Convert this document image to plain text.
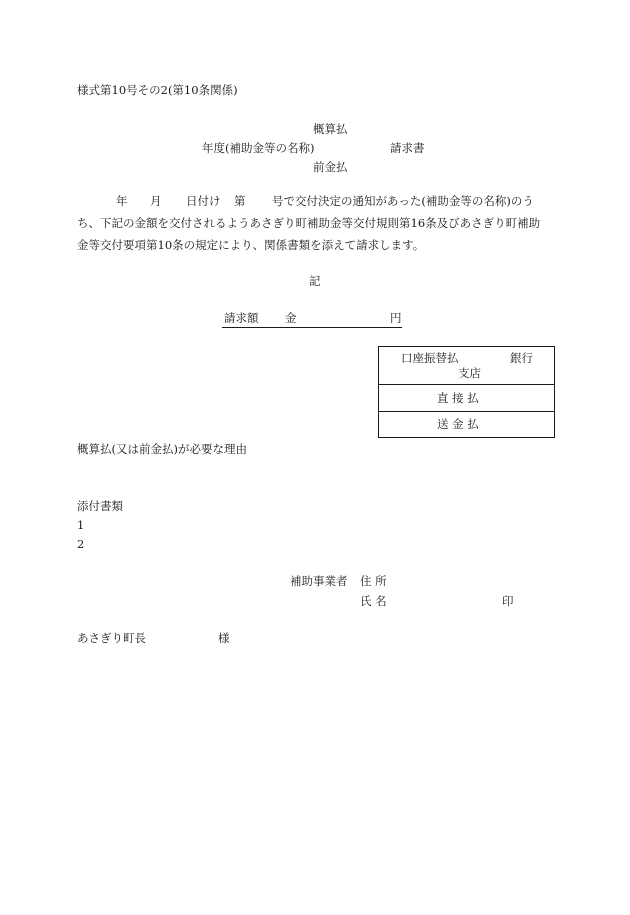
様式第10号その2(第10条関係)
概算払
年度(補助金等の名称)	請求書
前金払
年 月 日付け 第 号で交付決定の通知があった(補助金等の名称)のう
ち、下記の金額を交付されるようあさぎり町補助金等交付規則第16条及びあさぎり町補助
金等交付要項第10条の規定により、関係書類を添えて請求します。
記
請求額 金	円
口座振替払	銀行
支店
直 接 払
送 金 払
概算払(又は前金払)が必要な理由
添付書類
1
2
補助事業者 住 所
氏 名	印
あさぎり町長	様
